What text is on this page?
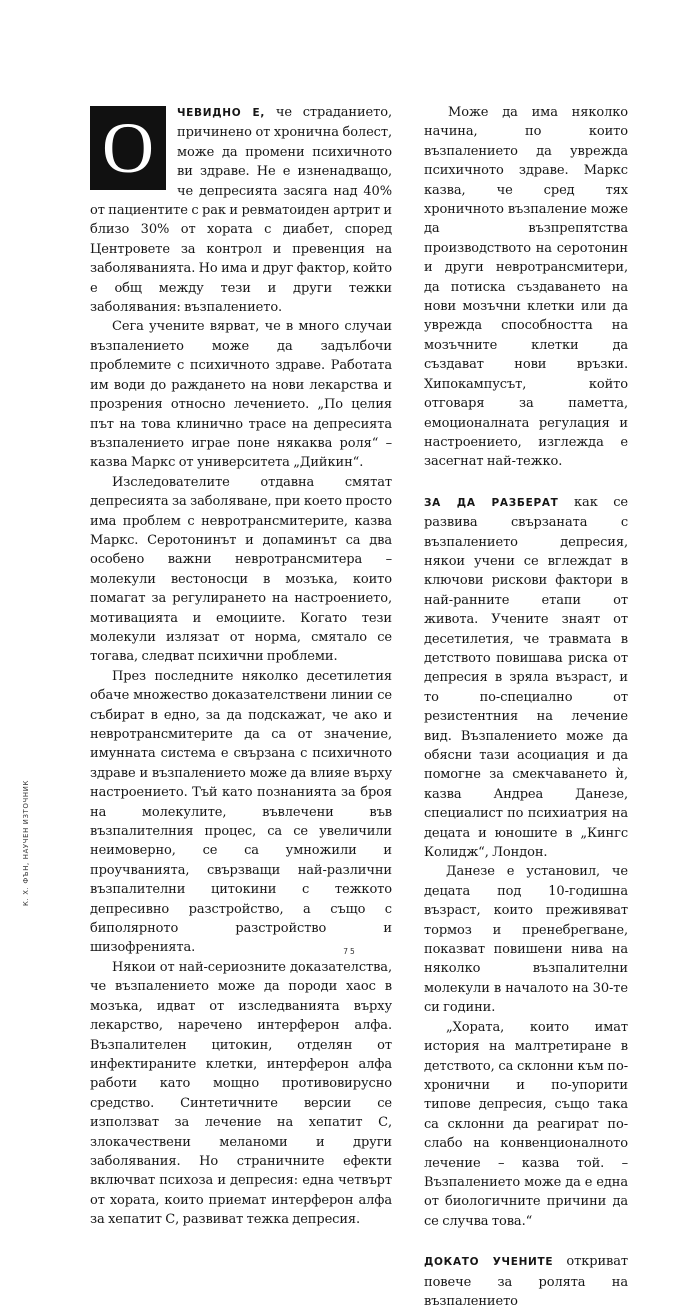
К. Х. ФЪН, НАУЧЕН ИЗТОЧНИК

О	ЧЕВИДНО Е, че страданието, причинено от хронична болест, може да промени психичното ви здраве. Не е изненадващо, че депресията засяга над 40% от пациентите с рак и ревматоиден артрит и близо 30% от хората с диабет, според Центровете за контрол и превенция на заболяванията. Но има и друг фактор, който е общ между тези и други тежки заболявания: възпалението.

Сега учените вярват, че в много случаи възпалението може да задълбочи проблемите с психичното здраве. Работата им води до раждането на нови лекарства и прозрения относно лечението. „По целия път на това клинично трасе на депресията възпалението играе поне някаква роля“ – казва Маркс от университета „Дийкин“.

Изследователите отдавна смятат депресията за заболяване, при което просто има проблем с невротрансмитерите, казва Маркс. Серотонинът и допаминът са два особено важни невротрансмитера – молекули вестоносци в мозъка, които помагат за регулирането на настроението, мотивацията и емоциите. Когато тези молекули излязат от норма, смятало се тогава, следват психични проблеми.

През последните няколко десетилетия обаче множество доказателствени линии се събират в едно, за да подскажат, че ако и невротрансмитерите да са от значение, имунната система е свързана с психичното здраве и възпалението може да влияе върху настроението. Тъй като познанията за броя на молекулите, въвлечени във възпалителния процес, са се увеличили неимоверно, се са умножили и проучванията, свързващи най-различни възпалителни цитокини с тежкото депресивно разстройство, а също с биполярното разстройство и шизофренията.

Някои от най-сериозните доказателства, че възпалението може да породи хаос в мозъка, идват от изследванията върху лекарство, наречено интерферон алфа. Възпалителен цитокин, отделян от инфектираните клетки, интерферон алфа работи като мощно противовирусно средство. Синтетичните версии се използват за лечение на хепатит С, злокачествени меланоми и други заболявания. Но страничните ефекти включват психоза и депресия: една четвърт от хората, които приемат интерферон алфа за хепатит С, развиват тежка депресия.

Може да има няколко начина, по които възпалението да уврежда психичното здраве. Маркс казва, че сред тях хроничното възпаление може да възпрепятства производството на серотонин и други невротрансмитери, да потиска създаването на нови мозъчни клетки или да уврежда способността на мозъчните клетки да създават нови връзки. Хипокампусът, който отговаря за паметта, емоционалната регулация и настроението, изглежда е засегнат най-тежко.

ЗА ДА РАЗБЕРАТ как се развива свързаната с възпалението депресия, някои учени се вглеждат в ключови рискови фактори в най-ранните етапи от живота. Учените знаят от десетилетия, че травмата в детството повишава риска от депресия в зряла възраст, и то по-специално от резистентния на лечение вид. Възпалението може да обясни тази асоциация и да помогне за смекчаването ѝ, казва Андреа Данезе, специалист по психиатрия на децата и юношите в „Кингс Колидж“, Лондон.

Данезе е установил, че децата под 10-годишна възраст, които преживяват тормоз и пренебрегване, показват повишени нива на няколко възпалителни молекули в началото на 30-те си години.

„Хората, които имат история на малтретиране в детството, са склонни към по-хронични и по-упорити типове депресия, също така са склонни да реагират по-слабо на конвенционалното лечение – казва той. – Възпалението може да е една от биологичните причини да се случва това.“

ДОКАТО УЧЕНИТЕ откриват повече за ролята на възпалението

75
